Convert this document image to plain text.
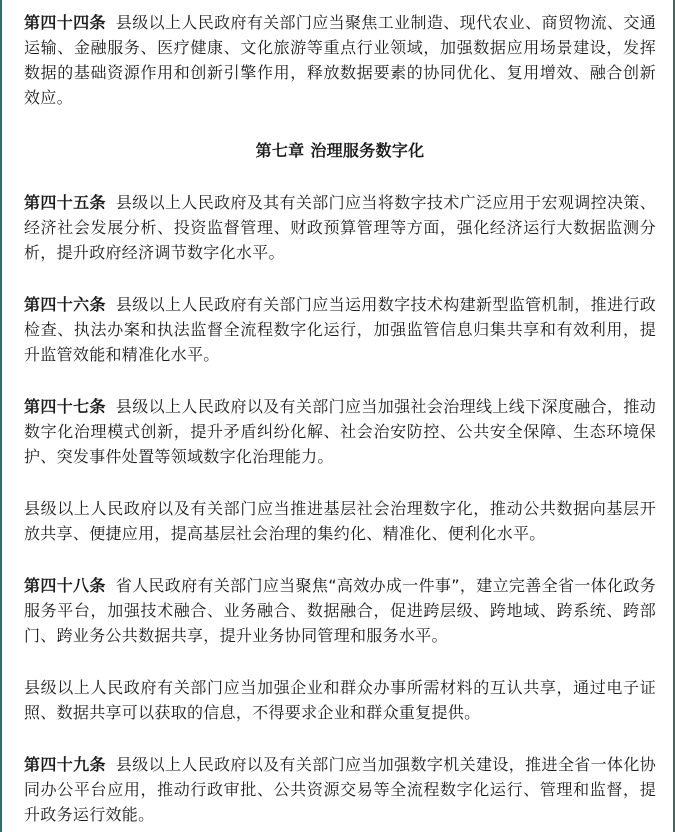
第四十四条 县级以上人民政府有关部门应当聚焦工业制造、现代农业、商贸物流、交通运输、金融服务、医疗健康、文化旅游等重点行业领域，加强数据应用场景建设，发挥数据的基础资源作用和创新引擎作用，释放数据要素的协同优化、复用增效、融合创新效应。

第七章 治理服务数字化

第四十五条 县级以上人民政府及其有关部门应当将数字技术广泛应用于宏观调控决策、经济社会发展分析、投资监督管理、财政预算管理等方面，强化经济运行大数据监测分析，提升政府经济调节数字化水平。

第四十六条 县级以上人民政府有关部门应当运用数字技术构建新型监管机制，推进行政检查、执法办案和执法监督全流程数字化运行，加强监管信息归集共享和有效利用，提升监管效能和精准化水平。

第四十七条 县级以上人民政府以及有关部门应当加强社会治理线上线下深度融合，推动数字化治理模式创新，提升矛盾纠纷化解、社会治安防控、公共安全保障、生态环境保护、突发事件处置等领域数字化治理能力。

县级以上人民政府以及有关部门应当推进基层社会治理数字化，推动公共数据向基层开放共享、便捷应用，提高基层社会治理的集约化、精准化、便利化水平。

第四十八条 省人民政府有关部门应当聚焦“高效办成一件事”，建立完善全省一体化政务服务平台，加强技术融合、业务融合、数据融合，促进跨层级、跨地域、跨系统、跨部门、跨业务公共数据共享，提升业务协同管理和服务水平。

县级以上人民政府有关部门应当加强企业和群众办事所需材料的互认共享，通过电子证照、数据共享可以获取的信息，不得要求企业和群众重复提供。

第四十九条 县级以上人民政府以及有关部门应当加强数字机关建设，推进全省一体化协同办公平台应用，推动行政审批、公共资源交易等全流程数字化运行、管理和监督，提升政务运行效能。
